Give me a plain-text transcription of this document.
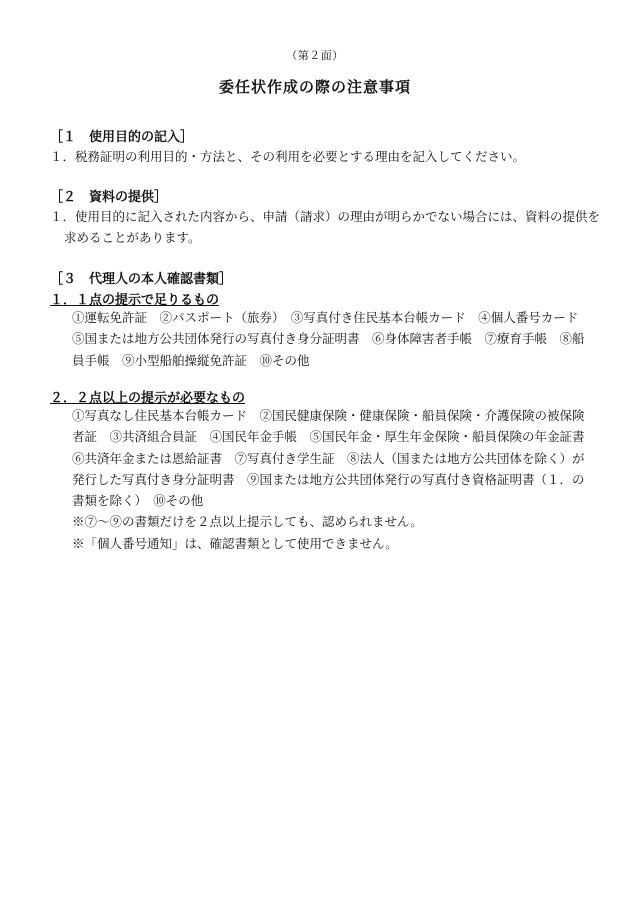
（第２面）
委任状作成の際の注意事項
［１　使用目的の記入］
１．税務証明の利用目的・方法と、その利用を必要とする理由を記入してください。
［２　資料の提供］
１．使用目的に記入された内容から、申請（請求）の理由が明らかでない場合には、資料の提供を求めることがあります。
［３　代理人の本人確認書類］
１．１点の提示で足りるもの
①運転免許証　②パスポート（旅券）　③写真付き住民基本台帳カード　④個人番号カード　⑤国または地方公共団体発行の写真付き身分証明書　⑥身体障害者手帳　⑦療育手帳　⑧船員手帳　⑨小型船舶操縦免許証　⑩その他
２．２点以上の提示が必要なもの
①写真なし住民基本台帳カード　②国民健康保険・健康保険・船員保険・介護保険の被保険者証　③共済組合員証　④国民年金手帳　⑤国民年金・厚生年金保険・船員保険の年金証書　⑥共済年金または恩給証書　⑦写真付き学生証　⑧法人（国または地方公共団体を除く）が発行した写真付き身分証明書　⑨国または地方公共団体発行の写真付き資格証明書（１．の書類を除く）　⑩その他
※⑦～⑨の書類だけを２点以上提示しても、認められません。
※「個人番号通知」は、確認書類として使用できません。
